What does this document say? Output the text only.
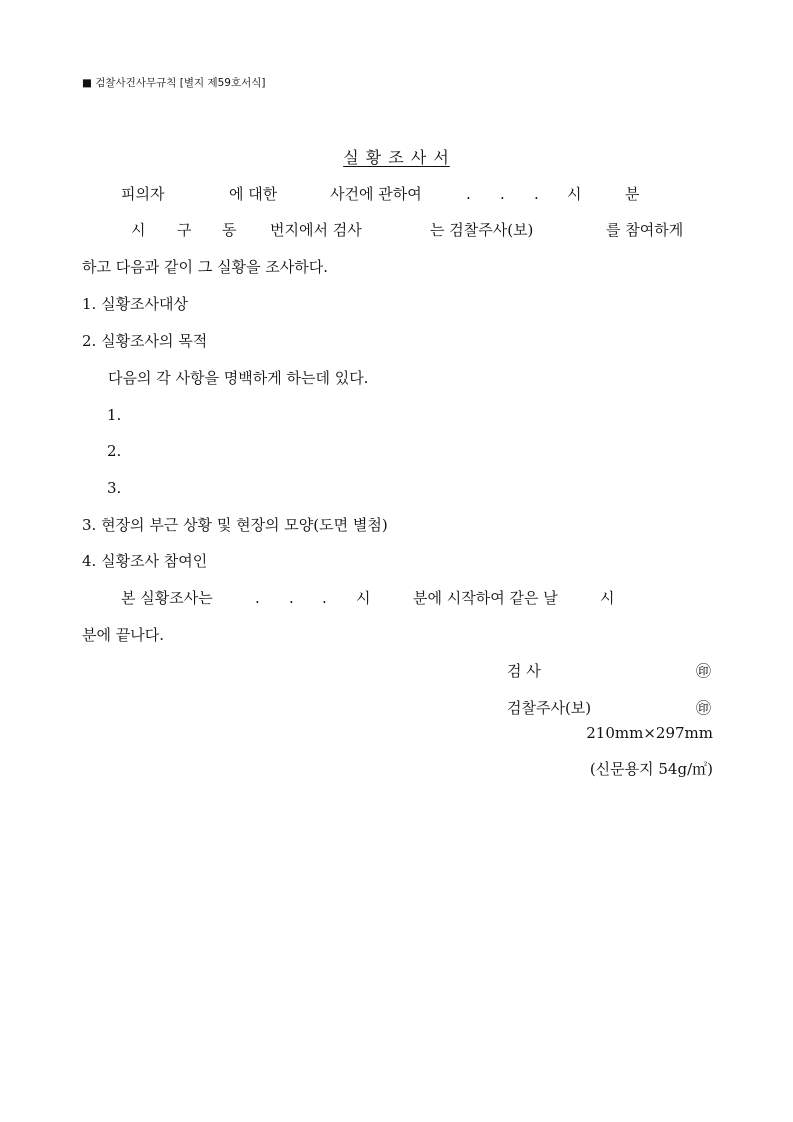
■ 검찰사건사무규칙 [별지 제59호서식]
실 황 조 사 서
피의자	에 대한	사건에 관하여	. . . 시	분
시 구 동 번지에서 검사	는 검찰주사(보)	를 참여하게
하고 다음과 같이 그 실황을 조사하다.
1. 실황조사대상
2. 실황조사의 목적
다음의 각 사항을 명백하게 하는데 있다.
1.
2.
3.
3. 현장의 부근 상황 및 현장의 모양(도면 별첨)
4. 실황조사 참여인
본 실황조사는	. . . 시	분에 시작하여 같은 날	시
분에 끝나다.
검 사	㊞
검찰주사(보)	㊞
210mm×297mm
(신문용지 54g/㎡)
